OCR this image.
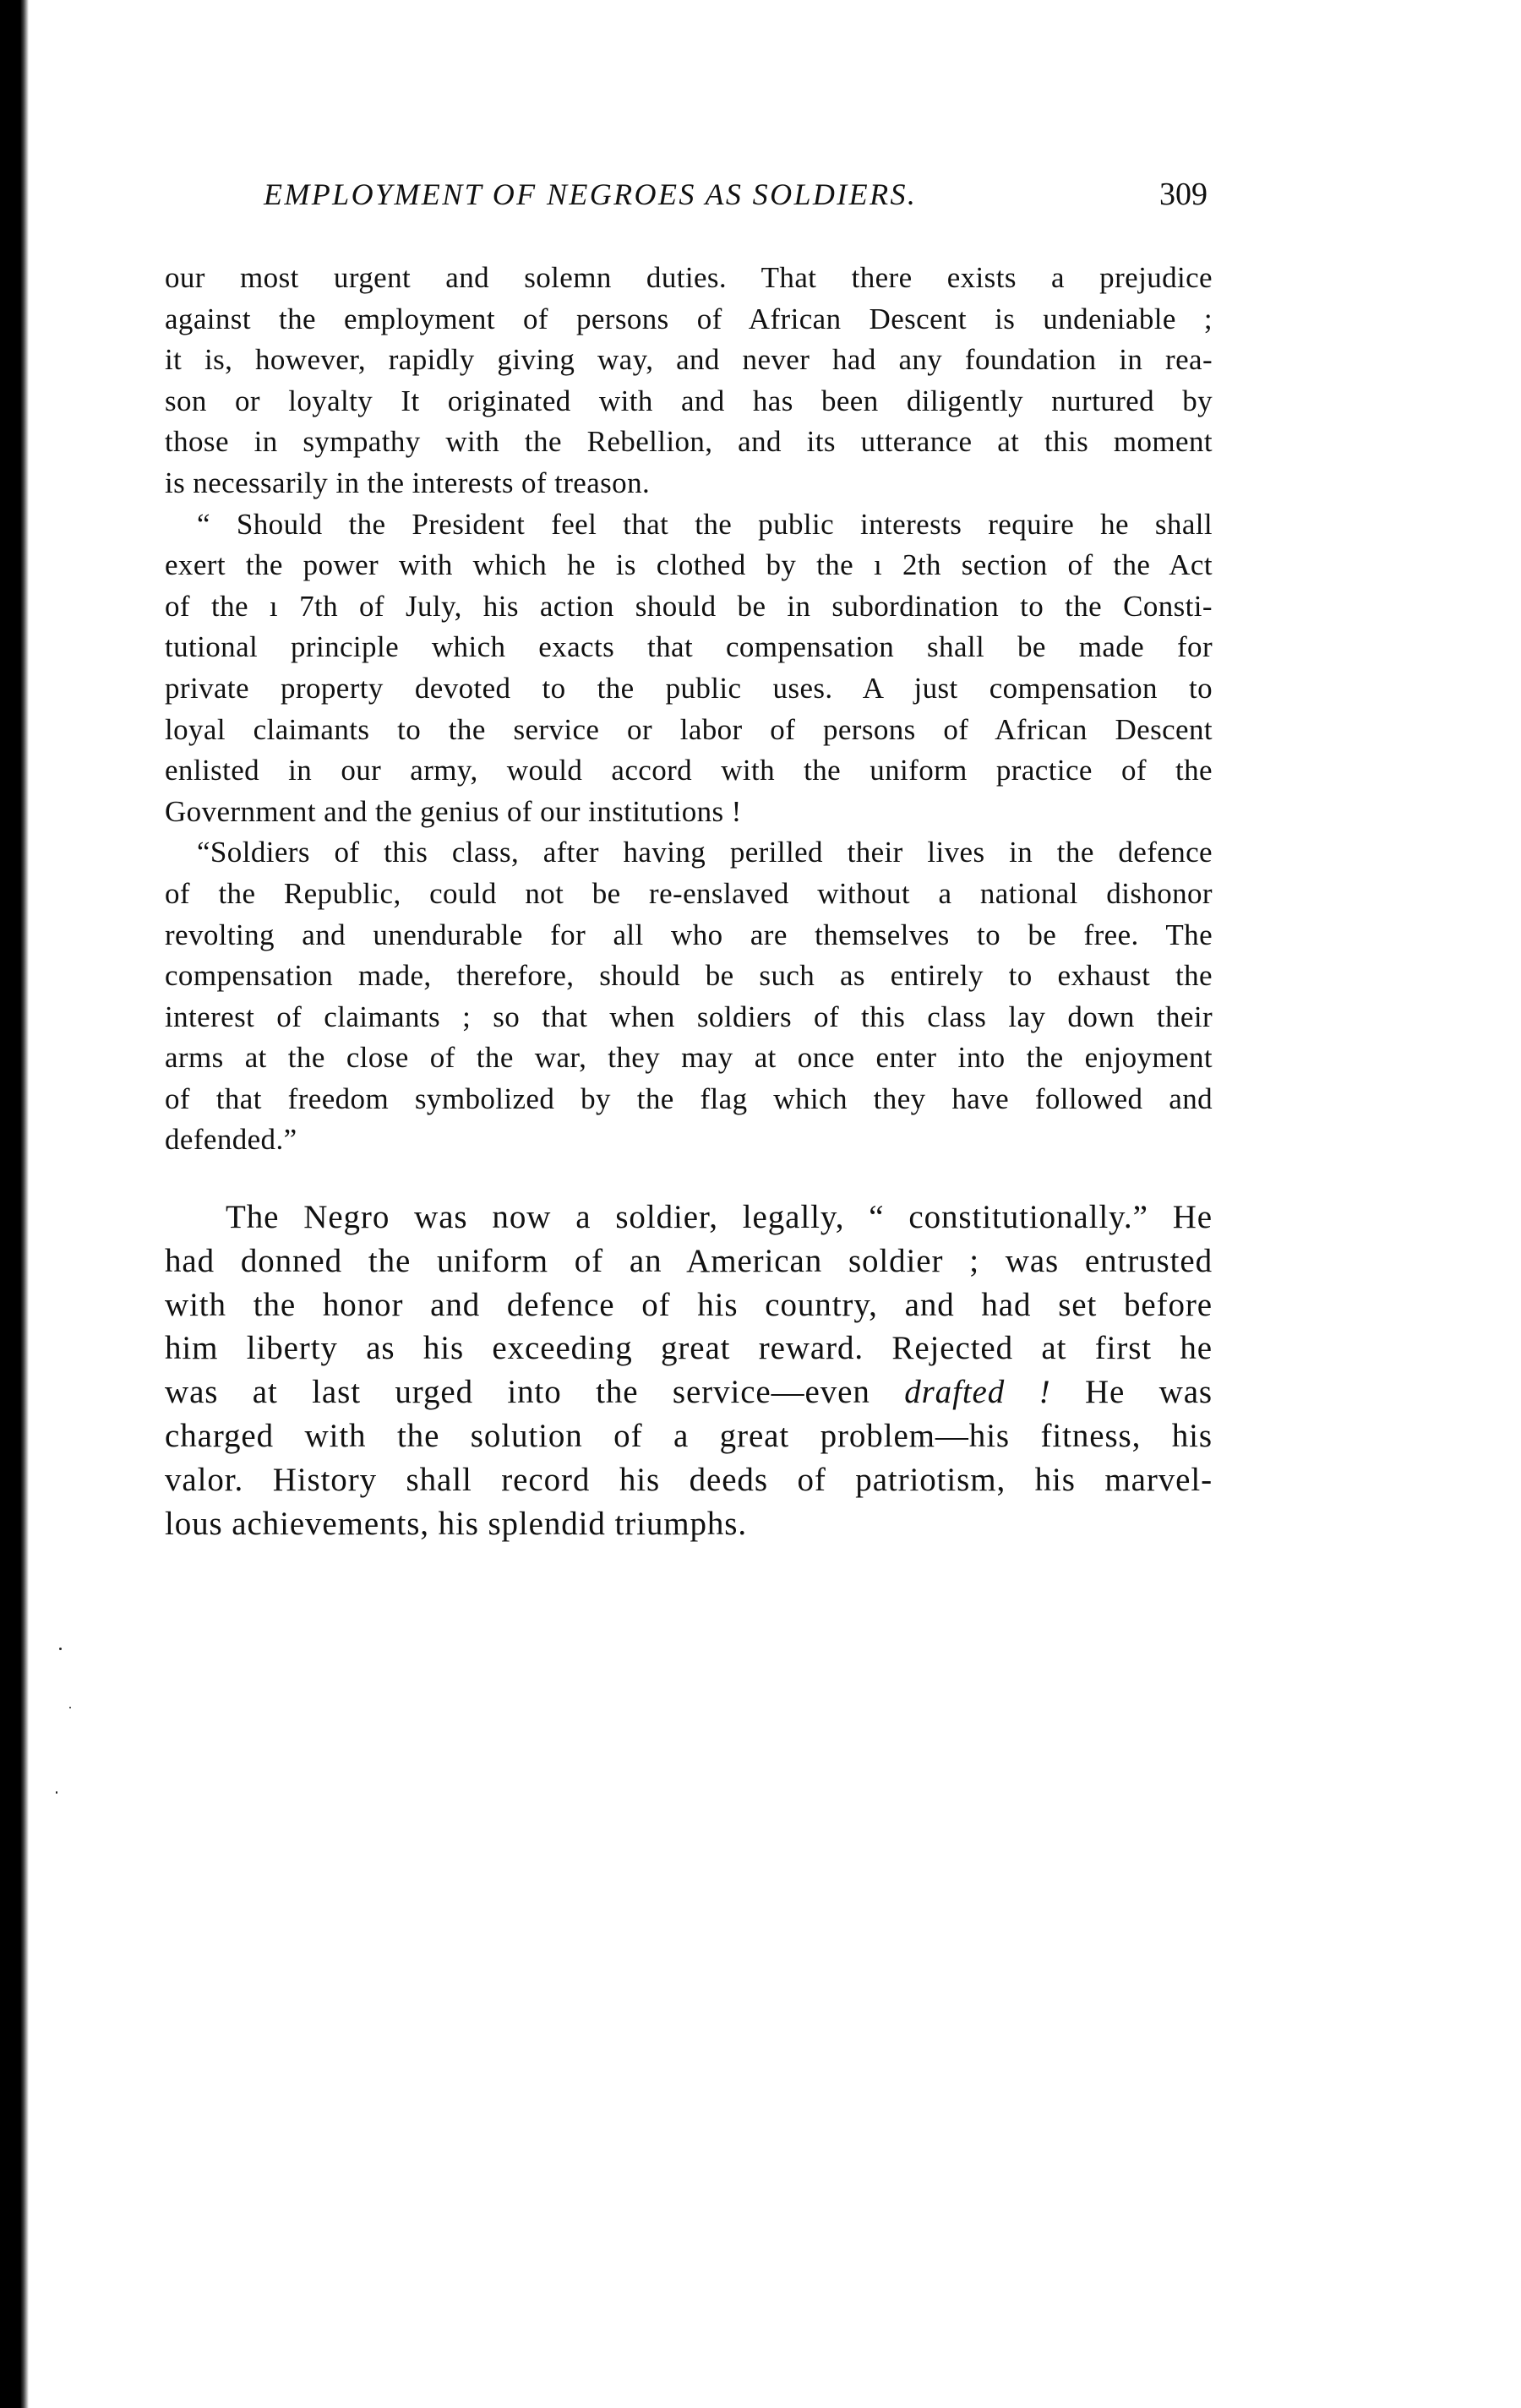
EMPLOYMENT OF NEGROES AS SOLDIERS.	309
our most urgent and solemn duties. That there exists a prejudice
against the employment of persons of African Descent is undeniable ;
it is, however, rapidly giving way, and never had any foundation in rea-
son or loyalty It originated with and has been diligently nurtured by
those in sympathy with the Rebellion, and its utterance at this moment
is necessarily in the interests of treason.
“ Should the President feel that the public interests require he shall
exert the power with which he is clothed by the ı 2th section of the Act
of the ı 7th of July, his action should be in subordination to the Consti-
tutional principle which exacts that compensation shall be made for
private property devoted to the public uses. A just compensation to
loyal claimants to the service or labor of persons of African Descent
enlisted in our army, would accord with the uniform practice of the
Government and the genius of our institutions !
“Soldiers of this class, after having perilled their lives in the defence
of the Republic, could not be re-enslaved without a national dishonor
revolting and unendurable for all who are themselves to be free. The
compensation made, therefore, should be such as entirely to exhaust the
interest of claimants ; so that when soldiers of this class lay down their
arms at the close of the war, they may at once enter into the enjoyment
of that freedom symbolized by the flag which they have followed and
defended.”
The Negro was now a soldier, legally, “ constitutionally.” He
had donned the uniform of an American soldier ; was entrusted
with the honor and defence of his country, and had set before
him liberty as his exceeding great reward. Rejected at first he
was at last urged into the service—even drafted ! He was
charged with the solution of a great problem—his fitness, his
valor. History shall record his deeds of patriotism, his marvel-
lous achievements, his splendid triumphs.
